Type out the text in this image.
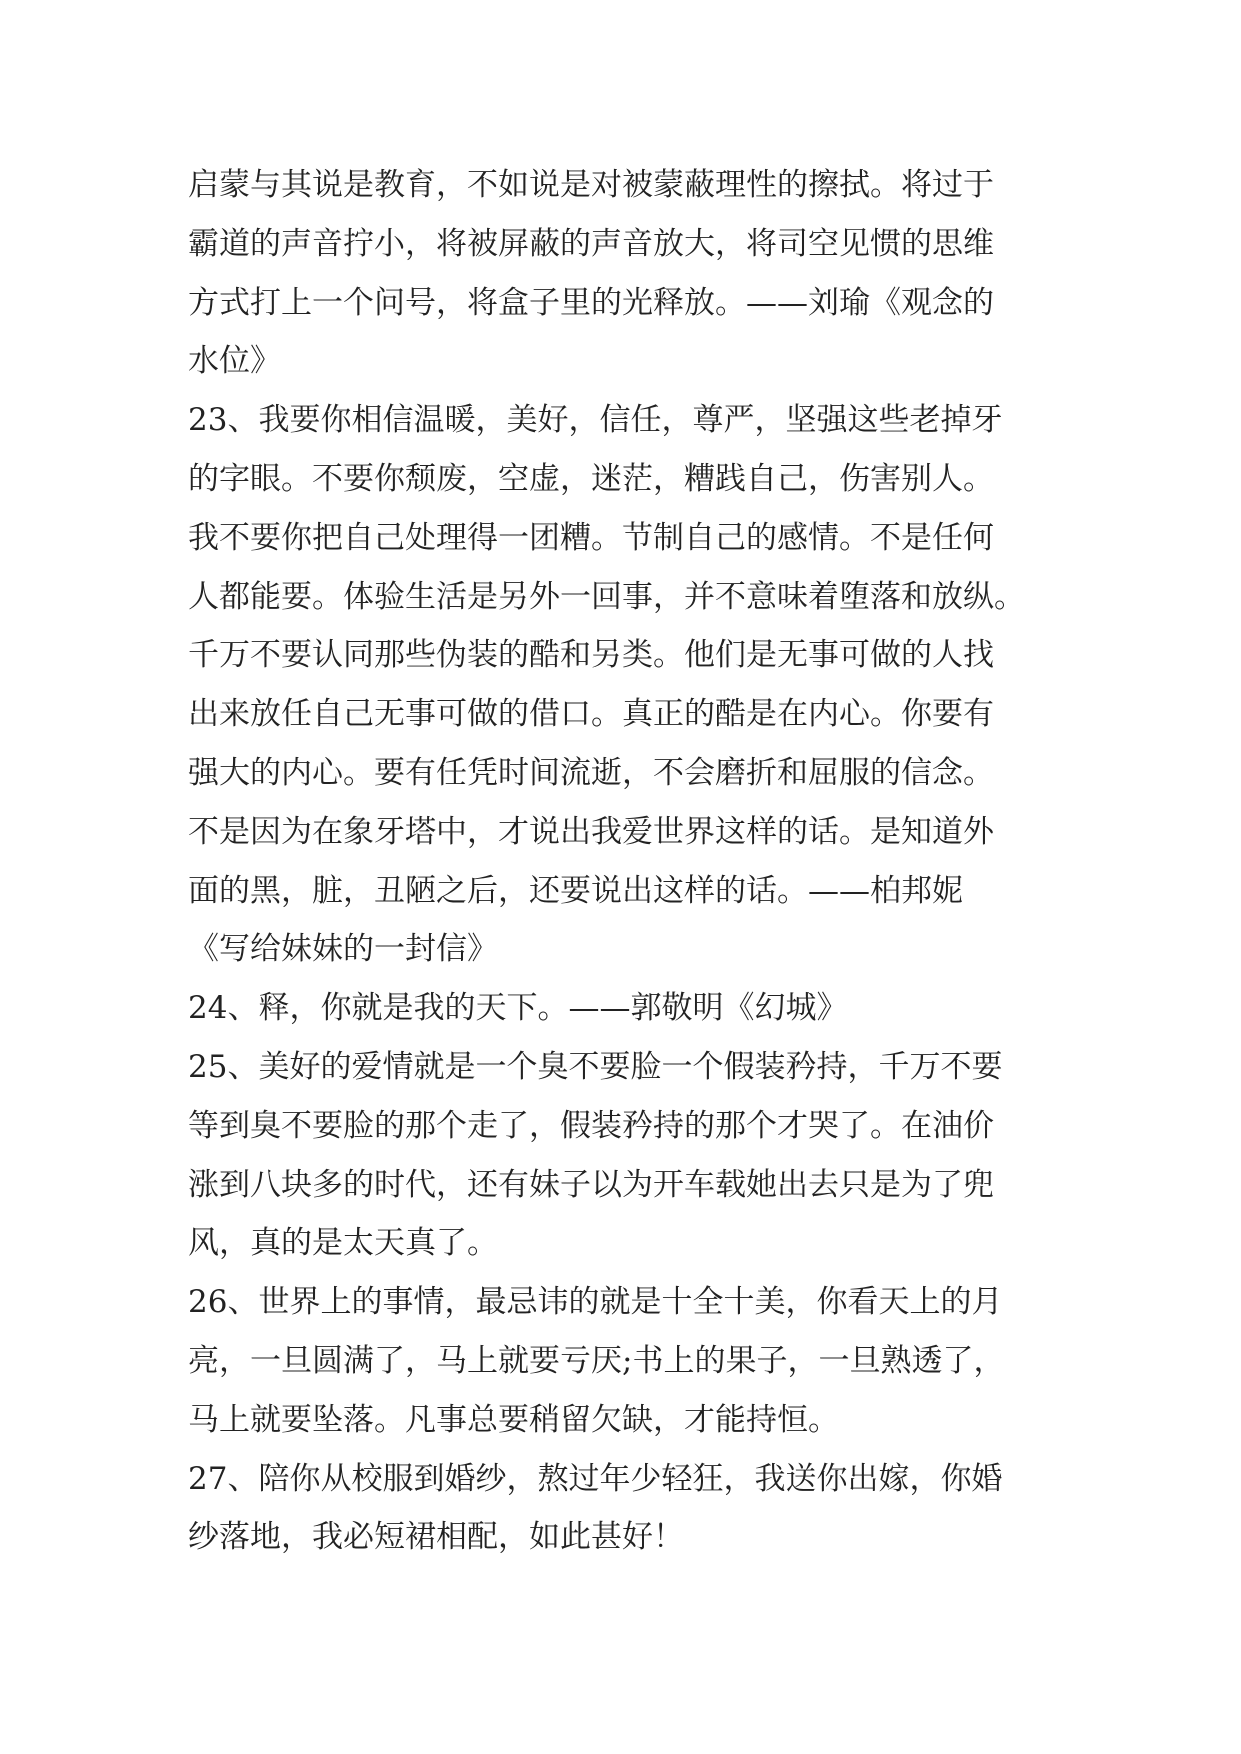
启蒙与其说是教育，不如说是对被蒙蔽理性的擦拭。将过于
霸道的声音拧小，将被屏蔽的声音放大，将司空见惯的思维
方式打上一个问号，将盒子里的光释放。——刘瑜《观念的
水位》
23、我要你相信温暖，美好，信任，尊严，坚强这些老掉牙
的字眼。不要你颓废，空虚，迷茫，糟践自己，伤害别人。
我不要你把自己处理得一团糟。节制自己的感情。不是任何
人都能要。体验生活是另外一回事，并不意味着堕落和放纵。
千万不要认同那些伪装的酷和另类。他们是无事可做的人找
出来放任自己无事可做的借口。真正的酷是在内心。你要有
强大的内心。要有任凭时间流逝，不会磨折和屈服的信念。
不是因为在象牙塔中，才说出我爱世界这样的话。是知道外
面的黑，脏，丑陋之后，还要说出这样的话。——柏邦妮
《写给妹妹的一封信》
24、释，你就是我的天下。——郭敬明《幻城》
25、美好的爱情就是一个臭不要脸一个假装矜持，千万不要
等到臭不要脸的那个走了，假装矜持的那个才哭了。在油价
涨到八块多的时代，还有妹子以为开车载她出去只是为了兜
风，真的是太天真了。
26、世界上的事情，最忌讳的就是十全十美，你看天上的月
亮，一旦圆满了，马上就要亏厌;书上的果子，一旦熟透了，
马上就要坠落。凡事总要稍留欠缺，才能持恒。
27、陪你从校服到婚纱，熬过年少轻狂，我送你出嫁，你婚
纱落地，我必短裙相配，如此甚好！
